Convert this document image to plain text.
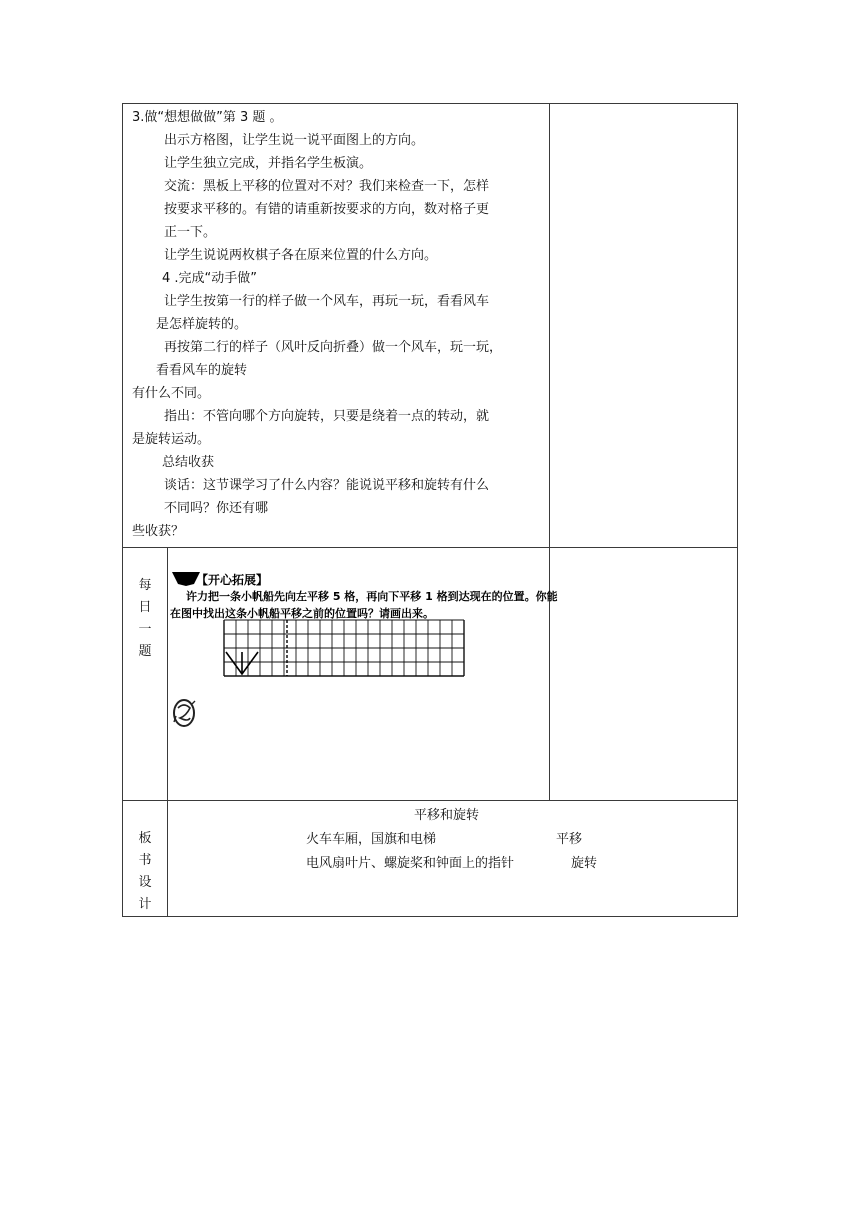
3.做“想想做做”第 3 题 。
出示方格图，让学生说一说平面图上的方向。
让学生独立完成，并指名学生板演。
交流：黑板上平移的位置对不对？我们来检查一下，怎样
按要求平移的。有错的请重新按要求的方向，数对格子更
正一下。
让学生说说两枚棋子各在原来位置的什么方向。
4 .完成“动手做”
让学生按第一行的样子做一个风车，再玩一玩，看看风车
是怎样旋转的。
再按第二行的样子（风叶反向折叠）做一个风车，玩一玩，
看看风车的旋转
有什么不同。
指出：不管向哪个方向旋转，只要是绕着一点的转动，就
是旋转运动。
总结收获
谈话：这节课学习了什么内容？能说说平移和旋转有什么
不同吗？你还有哪
些收获？
每
日
一
题
【开心拓展】
许力把一条小帆船先向左平移 5 格，再向下平移 1 格到达现在的位置。你能
在图中找出这条小帆船平移之前的位置吗？请画出来。
板
书
设
计
平移和旋转
火车车厢，国旗和电梯	平移
电风扇叶片、螺旋桨和钟面上的指针	旋转
